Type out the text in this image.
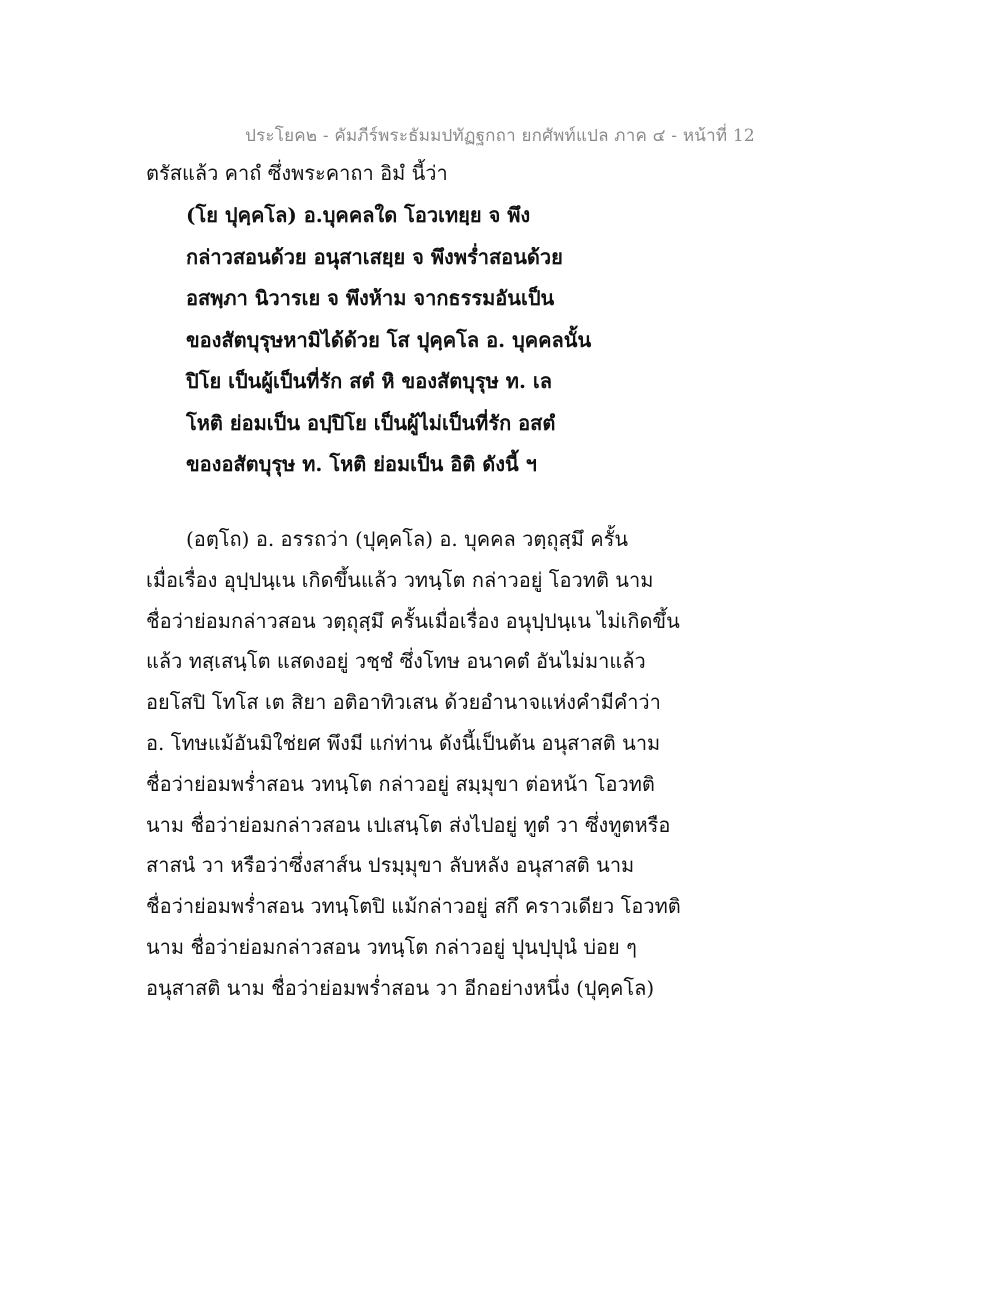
ประโยค๒ - คัมภีร์พระธัมมปทัฏฐกถา ยกศัพท์แปล ภาค ๔ - หน้าที่ 12
ตรัสแล้ว คาถํ ซึ่งพระคาถา อิมํ นี้ว่า
(โย ปุคฺคโล) อ.บุคคลใด โอวเทยฺย จ พึง
กล่าวสอนด้วย อนุสาเสยฺย จ พึงพร่ำสอนด้วย
อสพฺภา นิวารเย จ พึงห้าม จากธรรมอันเป็น
ของสัตบุรุษหามิได้ด้วย โส ปุคฺคโล อ. บุคคลนั้น
ปิโย เป็นผู้เป็นที่รัก สตํ หิ ของสัตบุรุษ ท. เล
โหติ ย่อมเป็น อปฺปิโย เป็นผู้ไม่เป็นที่รัก อสตํ
ของอสัตบุรุษ ท. โหติ ย่อมเป็น อิติ ดังนี้ ฯ
(อตฺโถ) อ. อรรถว่า (ปุคฺคโล) อ. บุคคล วตฺถุสฺมึ ครั้น
เมื่อเรื่อง อุปฺปนฺเน เกิดขึ้นแล้ว วทนฺโต กล่าวอยู่ โอวทติ นาม
ชื่อว่าย่อมกล่าวสอน วตฺถุสฺมึ ครั้นเมื่อเรื่อง อนุปฺปนฺเน ไม่เกิดขึ้น
แล้ว ทสฺเสนฺโต แสดงอยู่ วชฺชํ ซึ่งโทษ อนาคตํ อันไม่มาแล้ว
อยโสปิ โทโส เต สิยา อติอาทิวเสน ด้วยอำนาจแห่งคำมีคำว่า
อ. โทษแม้อันมิใช่ยศ พึงมี แก่ท่าน ดังนี้เป็นต้น อนุสาสติ นาม
ชื่อว่าย่อมพร่ำสอน วทนฺโต กล่าวอยู่ สมฺมุขา ต่อหน้า โอวทติ
นาม ชื่อว่าย่อมกล่าวสอน เปเสนฺโต ส่งไปอยู่ ทูตํ วา ซึ่งทูตหรือ
สาสนํ วา หรือว่าซึ่งสาส์น ปรมฺมุขา ลับหลัง อนุสาสติ นาม
ชื่อว่าย่อมพร่ำสอน วทนฺโตปิ แม้กล่าวอยู่ สกึ คราวเดียว โอวทติ
นาม ชื่อว่าย่อมกล่าวสอน วทนฺโต กล่าวอยู่ ปุนปฺปุนํ บ่อย ๆ
อนุสาสติ นาม ชื่อว่าย่อมพร่ำสอน วา อีกอย่างหนึ่ง (ปุคฺคโล)
